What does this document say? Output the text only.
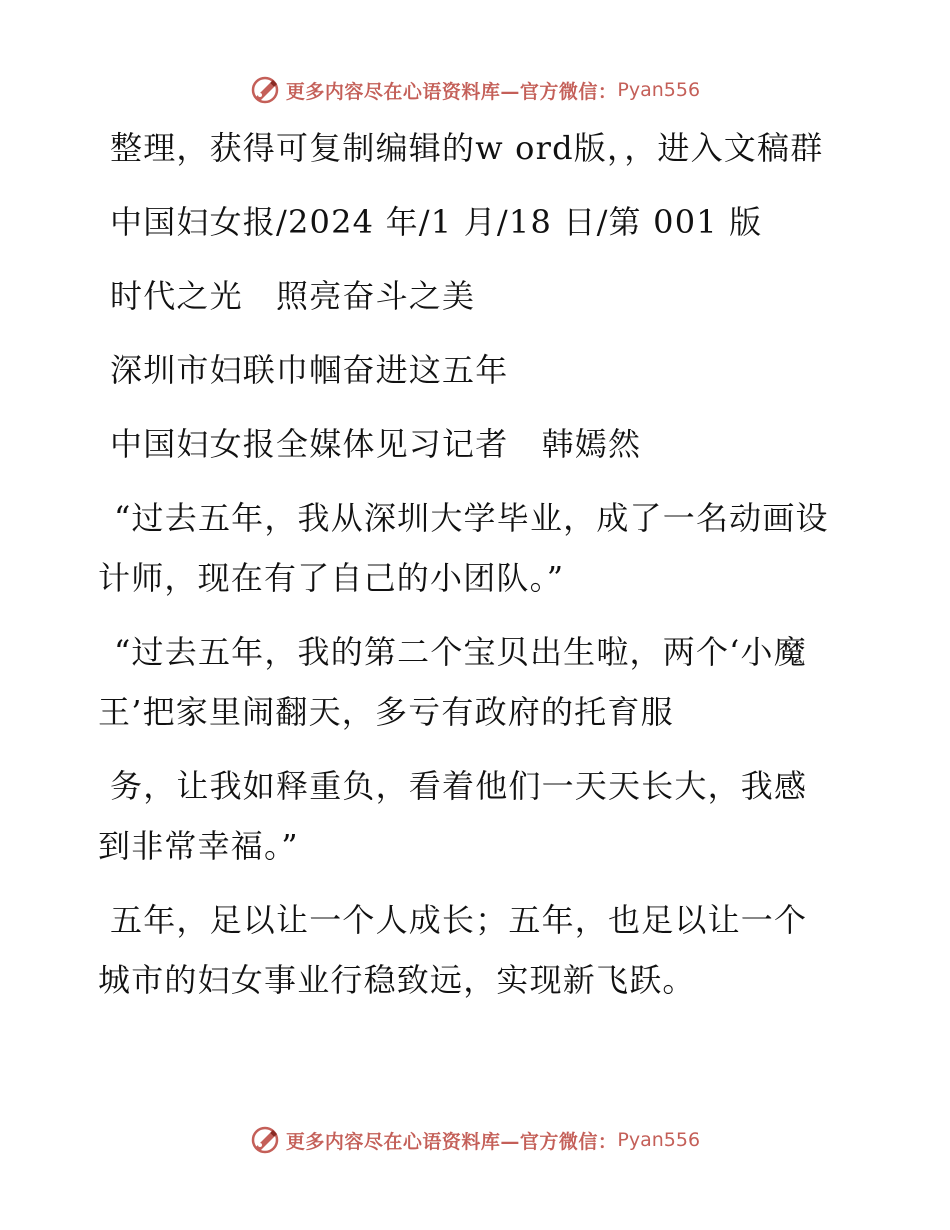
更多内容尽在心语资料库—官方微信： Pyan556

整理，获得可复制编辑的w ord版，，进入文稿群

中国妇女报/2024 年/1 月/18 日/第 001 版

时代之光　照亮奋斗之美

深圳市妇联巾帼奋进这五年

中国妇女报全媒体见习记者　韩嫣然

“过去五年，我从深圳大学毕业，成了一名动画设计师，现在有了自己的小团队。”

“过去五年，我的第二个宝贝出生啦，两个‘小魔王’把家里闹翻天，多亏有政府的托育服

务，让我如释重负，看着他们一天天长大，我感到非常幸福。”

五年，足以让一个人成长；五年，也足以让一个城市的妇女事业行稳致远，实现新飞跃。

更多内容尽在心语资料库—官方微信： Pyan556
